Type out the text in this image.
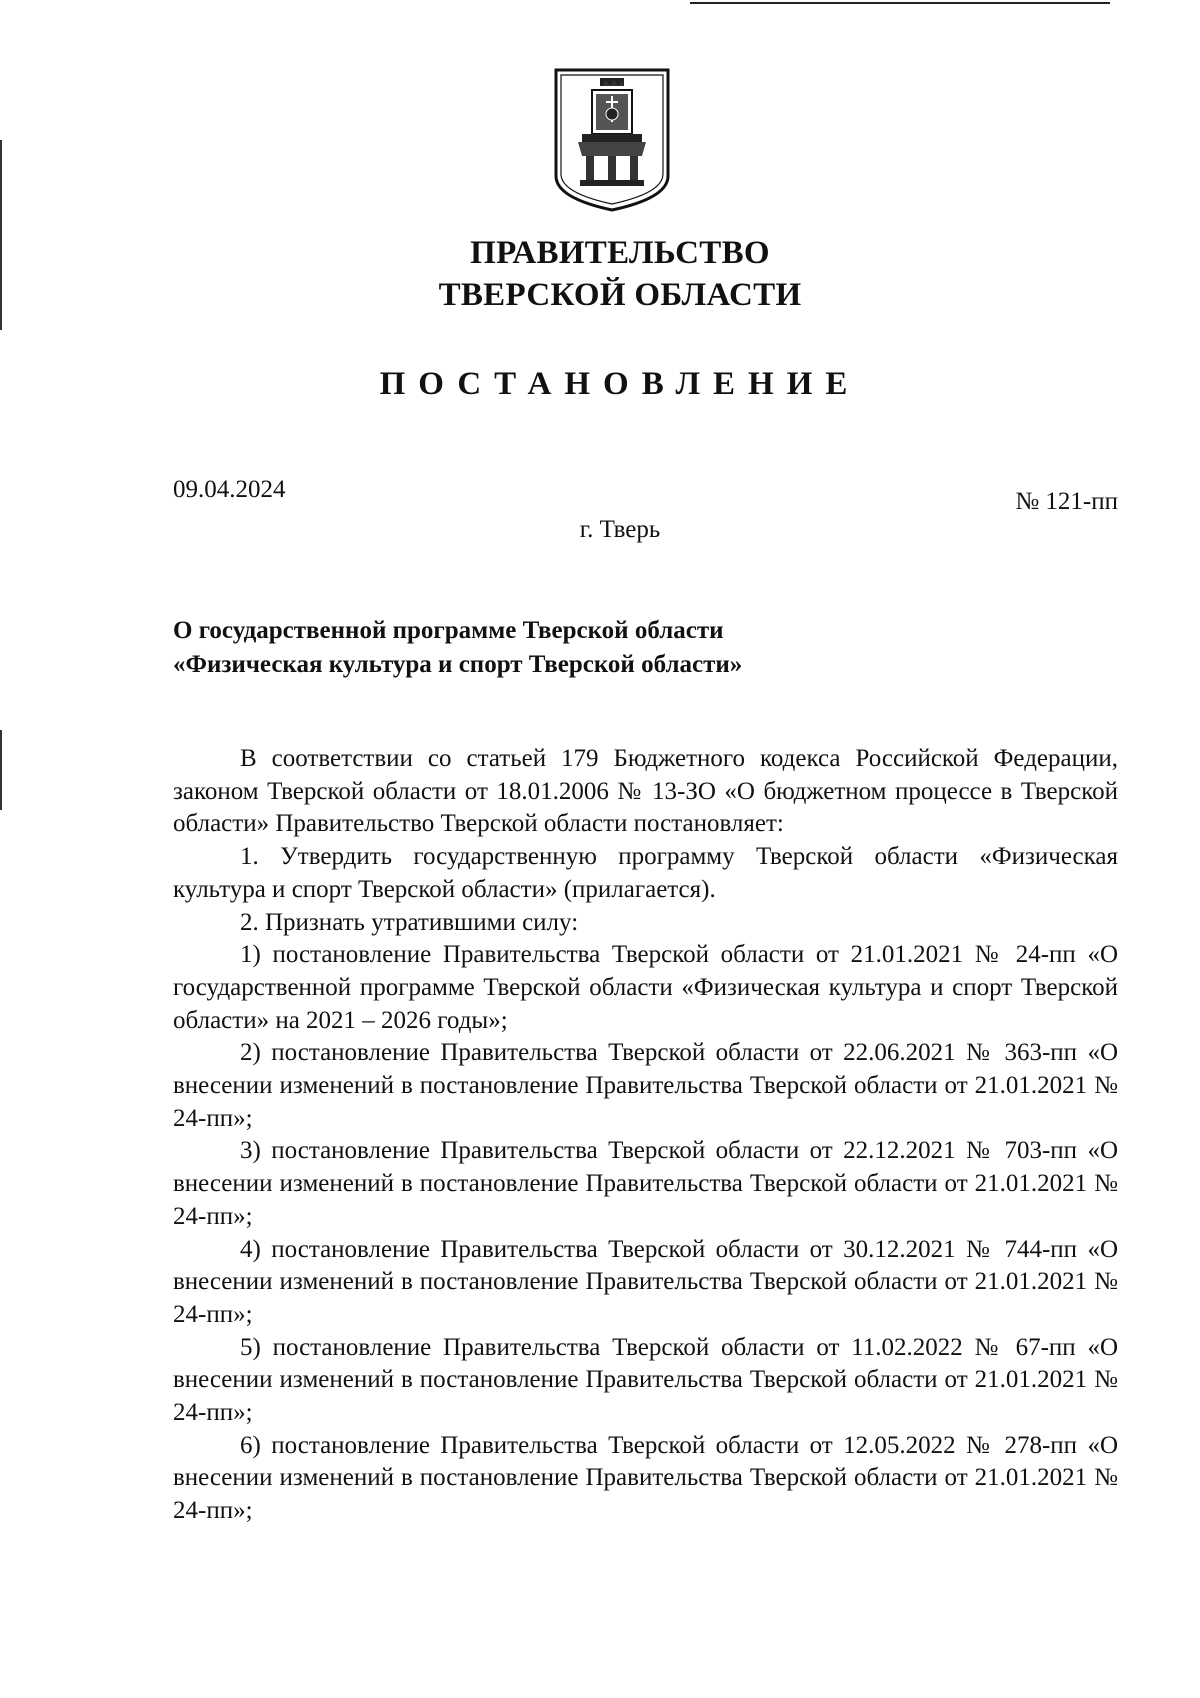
ПРАВИТЕЛЬСТВО
ТВЕРСКОЙ ОБЛАСТИ
ПОСТАНОВЛЕНИЕ
09.04.2024	№ 121-пп
г. Тверь
О государственной программе Тверской области
«Физическая культура и спорт Тверской области»

В соответствии со статьей 179 Бюджетного кодекса Российской Федерации, законом Тверской области от 18.01.2006 № 13-ЗО «О бюджетном процессе в Тверской области» Правительство Тверской области постановляет:

1. Утвердить государственную программу Тверской области «Физическая культура и спорт Тверской области» (прилагается).

2. Признать утратившими силу:

1) постановление Правительства Тверской области от 21.01.2021 № 24-пп «О государственной программе Тверской области «Физическая культура и спорт Тверской области» на 2021 – 2026 годы»;

2) постановление Правительства Тверской области от 22.06.2021 № 363-пп «О внесении изменений в постановление Правительства Тверской области от 21.01.2021 № 24-пп»;

3) постановление Правительства Тверской области от 22.12.2021 № 703-пп «О внесении изменений в постановление Правительства Тверской области от 21.01.2021 № 24-пп»;

4) постановление Правительства Тверской области от 30.12.2021 № 744-пп «О внесении изменений в постановление Правительства Тверской области от 21.01.2021 № 24-пп»;

5) постановление Правительства Тверской области от 11.02.2022 № 67-пп «О внесении изменений в постановление Правительства Тверской области от 21.01.2021 № 24-пп»;

6) постановление Правительства Тверской области от 12.05.2022 № 278-пп «О внесении изменений в постановление Правительства Тверской области от 21.01.2021 № 24-пп»;
